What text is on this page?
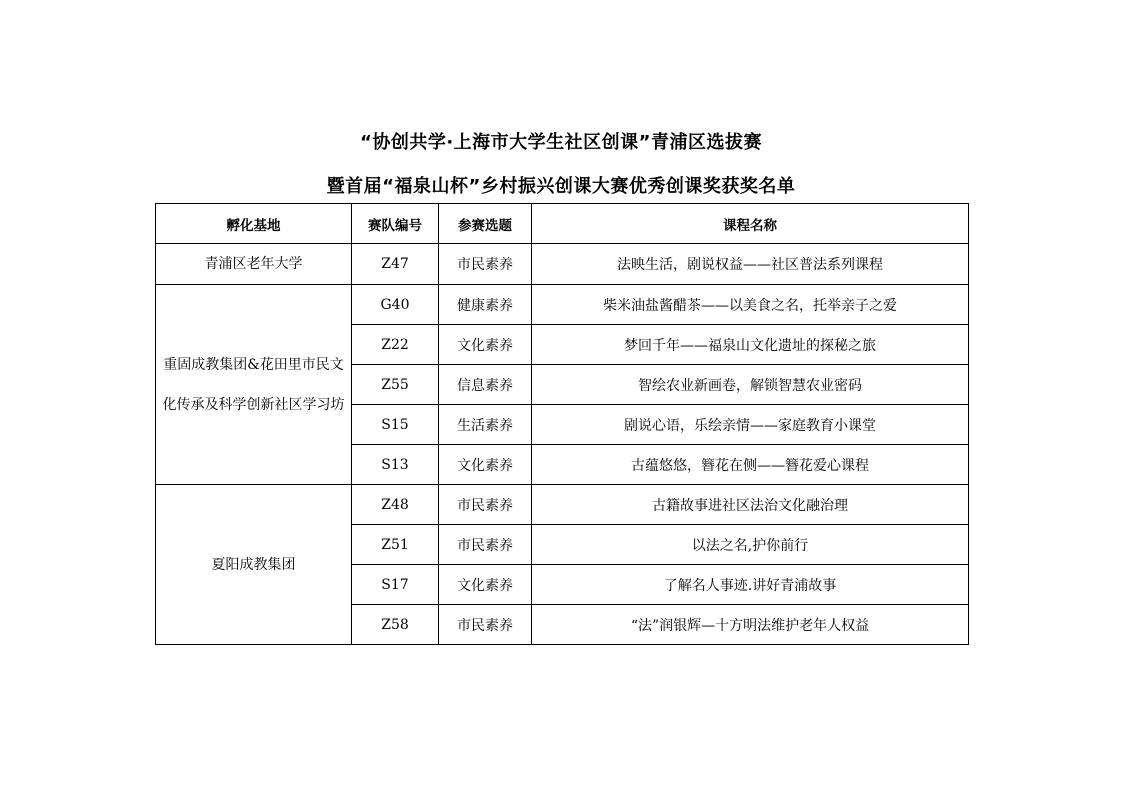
“协创共学·上海市大学生社区创课”青浦区选拔赛
暨首届“福泉山杯”乡村振兴创课大赛优秀创课奖获奖名单
孵化基地	赛队编号	参赛选题	课程名称
青浦区老年大学	Z47	市民素养	法映生活，剧说权益——社区普法系列课程
重固成教集团&花田里市民文化传承及科学创新社区学习坊	G40	健康素养	柴米油盐酱醋茶——以美食之名，托举亲子之爱
	Z22	文化素养	梦回千年——福泉山文化遗址的探秘之旅
	Z55	信息素养	智绘农业新画卷，解锁智慧农业密码
	S15	生活素养	剧说心语，乐绘亲情——家庭教育小课堂
	S13	文化素养	古蕴悠悠，簪花在侧——簪花爱心课程
夏阳成教集团	Z48	市民素养	古籍故事进社区法治文化融治理
	Z51	市民素养	以法之名,护你前行
	S17	文化素养	了解名人事迹.讲好青浦故事
	Z58	市民素养	“法”润银辉—十方明法维护老年人权益
